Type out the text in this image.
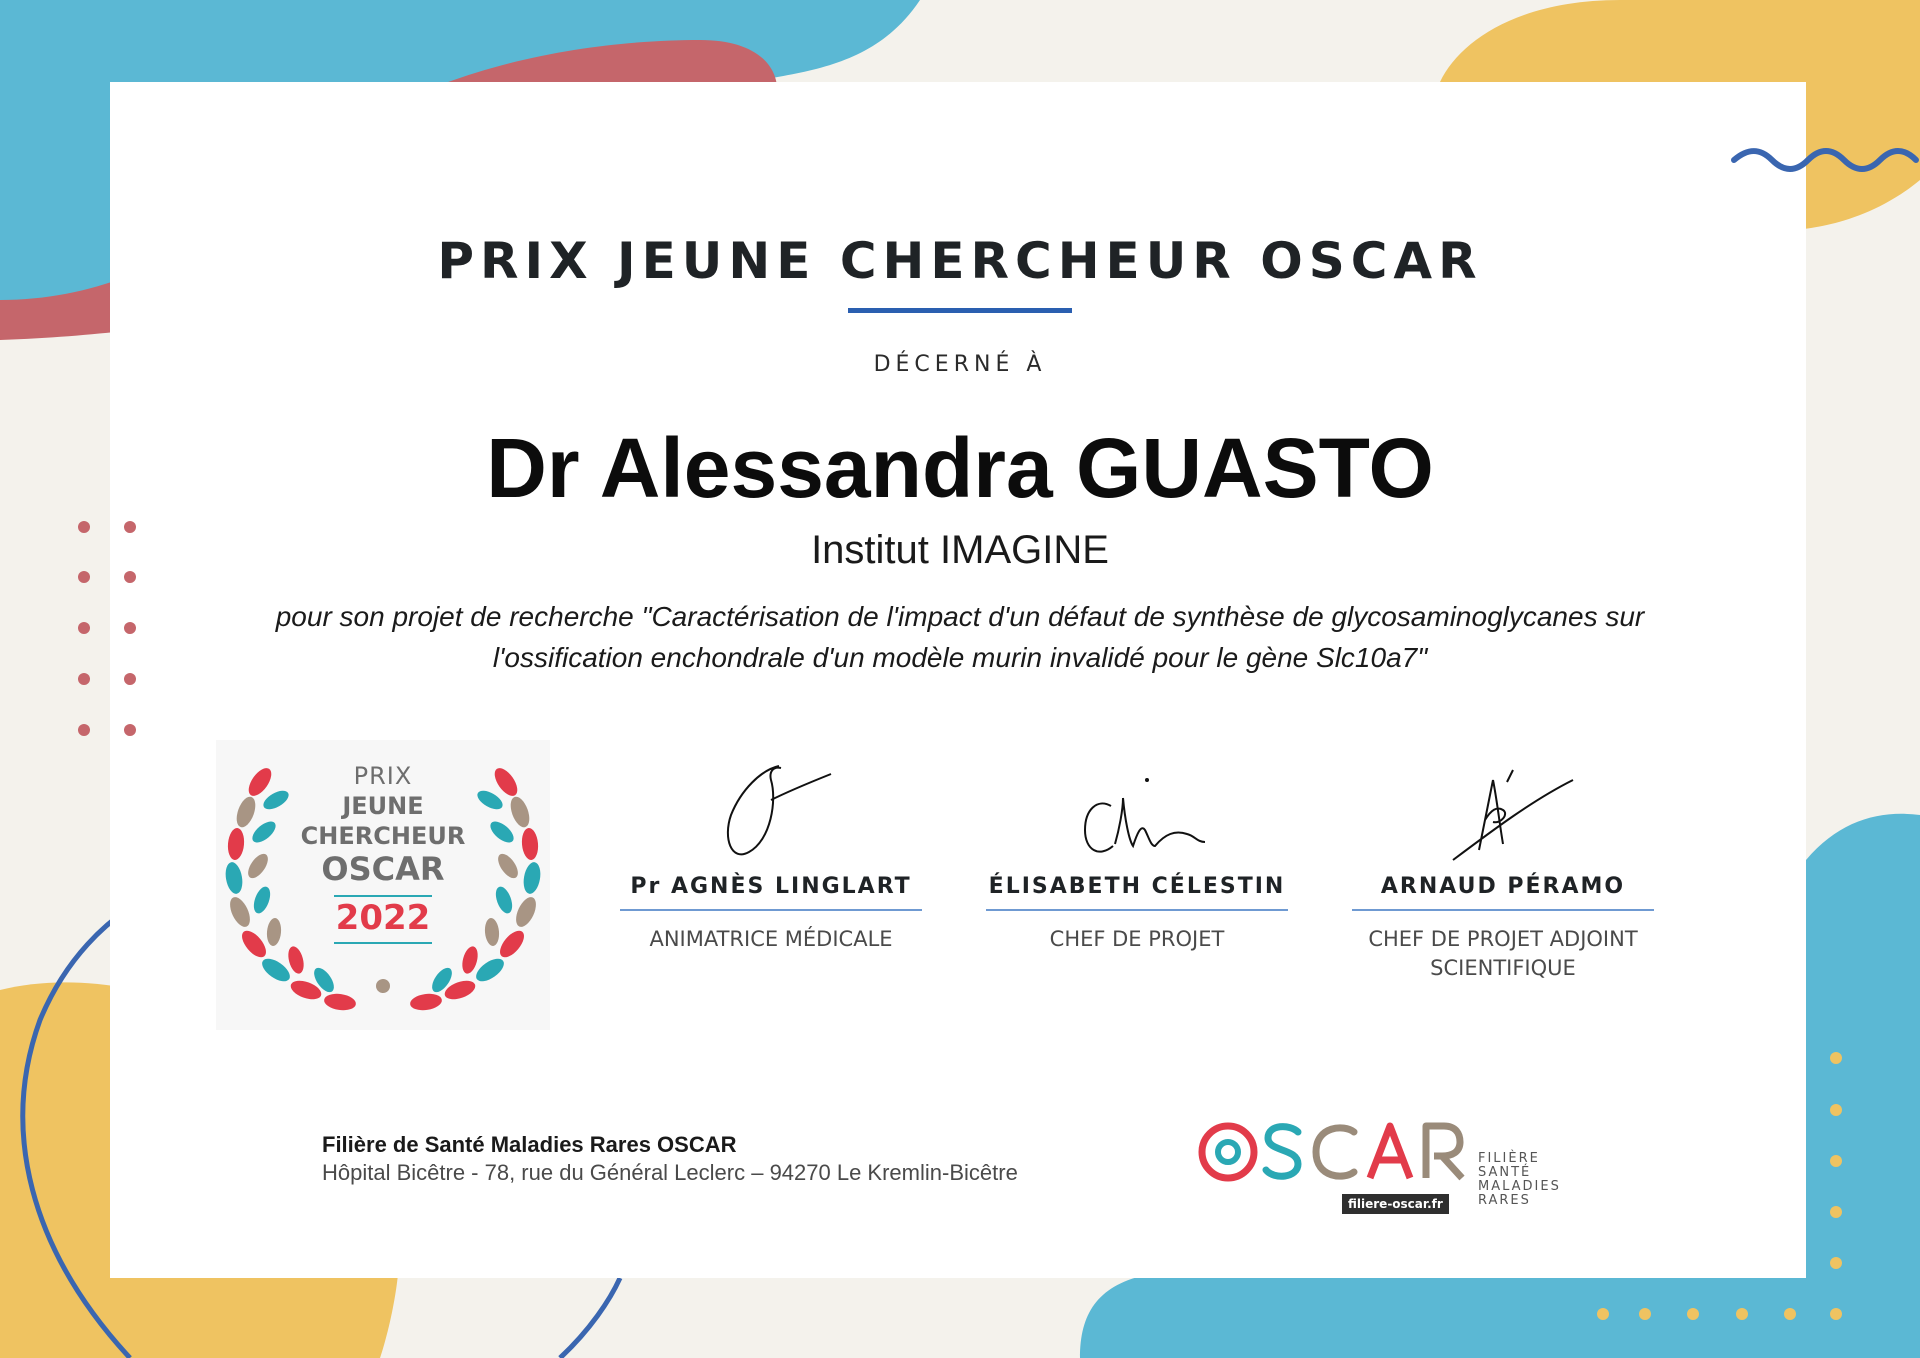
PRIX JEUNE CHERCHEUR OSCAR
DÉCERNÉ À
Dr Alessandra GUASTO
Institut IMAGINE
pour son projet de recherche "Caractérisation de l'impact d'un défaut de synthèse de glycosaminoglycanes sur
l'ossification enchondrale d'un modèle murin invalidé pour le gène Slc10a7"
PRIX
JEUNE
CHERCHEUR
OSCAR
2022
Pr AGNÈS LINGLART
ANIMATRICE MÉDICALE
ÉLISABETH CÉLESTIN
CHEF DE PROJET
ARNAUD PÉRAMO
CHEF DE PROJET ADJOINT
SCIENTIFIQUE
Filière de Santé Maladies Rares OSCAR
Hôpital Bicêtre - 78, rue du Général Leclerc – 94270 Le Kremlin-Bicêtre
filiere-oscar.fr
FILIÈRE
SANTÉ
MALADIES
RARES
